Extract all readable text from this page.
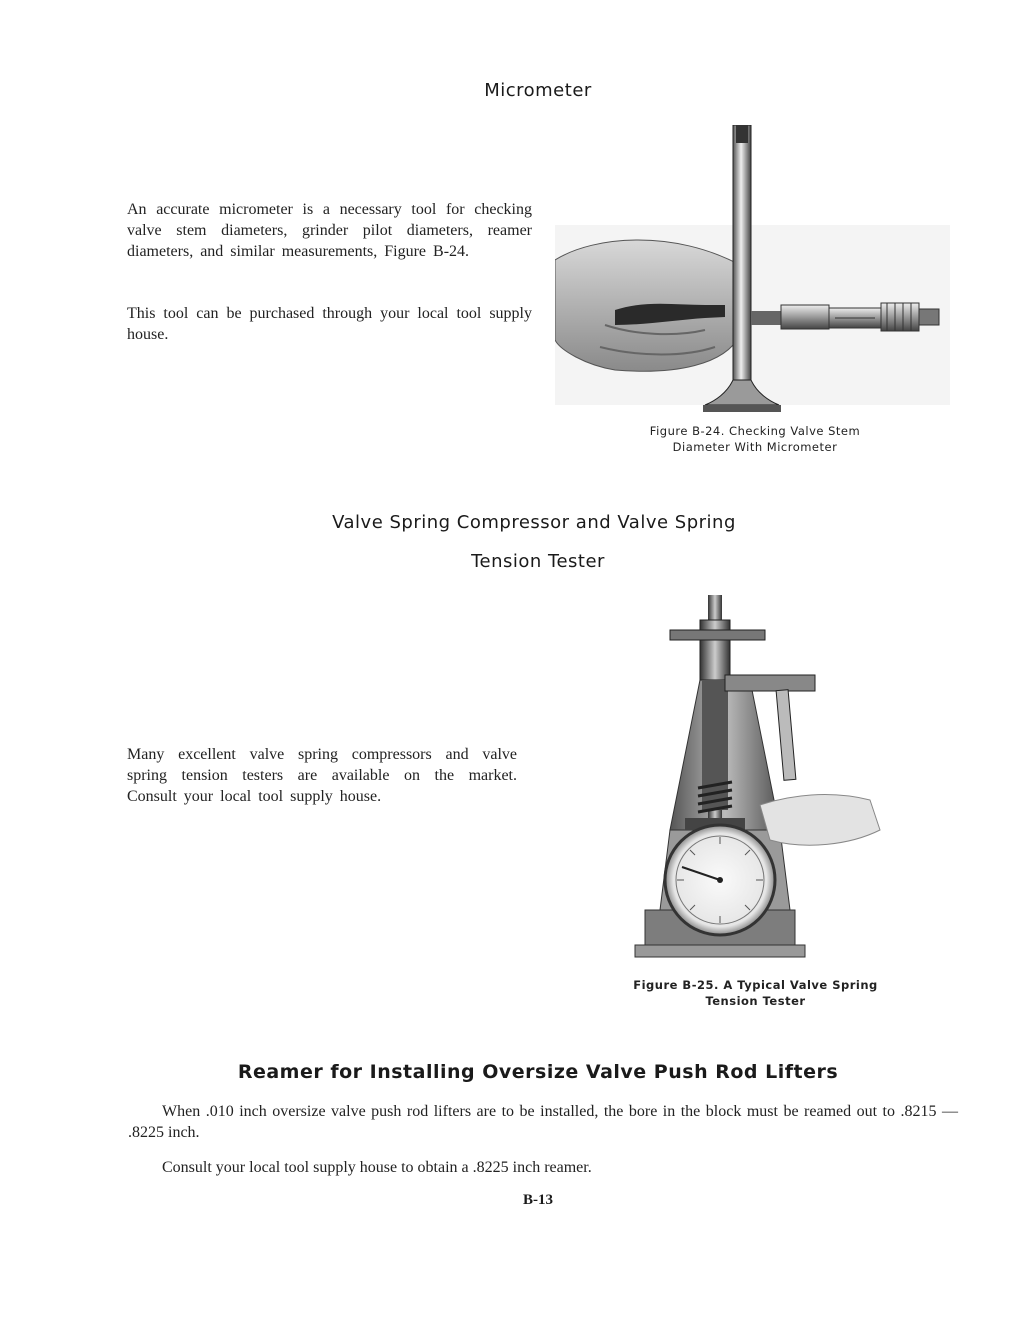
Micrometer

An accurate micrometer is a necessary tool for checking valve stem diameters, grinder pilot diameters, reamer diameters, and similar measurements, Figure B-24.

This tool can be purchased through your local tool supply house.

Figure B-24. Checking Valve Stem

Diameter With Micrometer

Valve Spring Compressor and Valve Spring
Tension Tester

Many excellent valve spring compressors and valve spring tension testers are available on the market. Consult your local tool supply house.

Figure B-25. A Typical Valve Spring

Tension Tester

Reamer for Installing Oversize Valve Push Rod Lifters

When .010 inch oversize valve push rod lifters are to be installed, the bore in the block must be reamed out to .8215 — .8225 inch.

Consult your local tool supply house to obtain a .8225 inch reamer.

B-13
